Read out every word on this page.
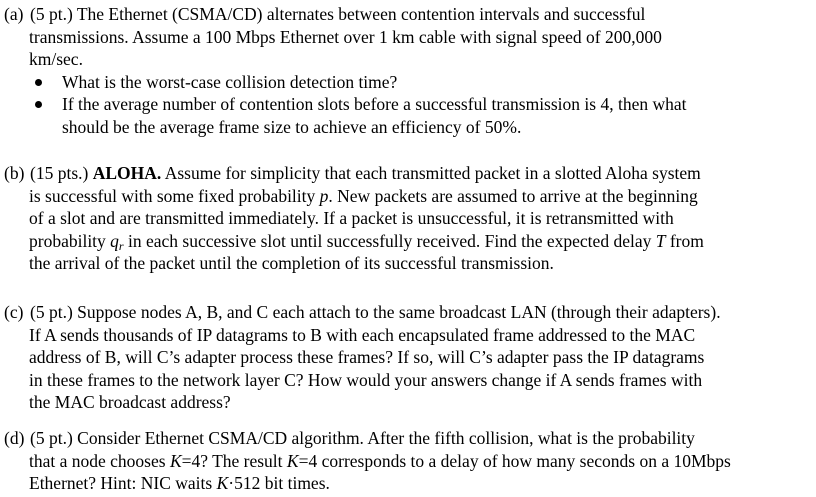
(a) (5 pt.) The Ethernet (CSMA/CD) alternates between contention intervals and successful
transmissions. Assume a 100 Mbps Ethernet over 1 km cable with signal speed of 200,000
km/sec.
What is the worst-case collision detection time?
If the average number of contention slots before a successful transmission is 4, then what
should be the average frame size to achieve an efficiency of 50%.
(b) (15 pts.) ALOHA. Assume for simplicity that each transmitted packet in a slotted Aloha system
is successful with some fixed probability p. New packets are assumed to arrive at the beginning
of a slot and are transmitted immediately. If a packet is unsuccessful, it is retransmitted with
probability $q_r$ in each successive slot until successfully received. Find the expected delay T from
the arrival of the packet until the completion of its successful transmission.
(c) (5 pt.) Suppose nodes A, B, and C each attach to the same broadcast LAN (through their adapters).
If A sends thousands of IP datagrams to B with each encapsulated frame addressed to the MAC
address of B, will C’s adapter process these frames? If so, will C’s adapter pass the IP datagrams
in these frames to the network layer C? How would your answers change if A sends frames with
the MAC broadcast address?
(d) (5 pt.) Consider Ethernet CSMA/CD algorithm. After the fifth collision, what is the probability
that a node chooses K=4? The result K=4 corresponds to a delay of how many seconds on a 10Mbps
Ethernet? Hint: NIC waits K·512 bit times.
